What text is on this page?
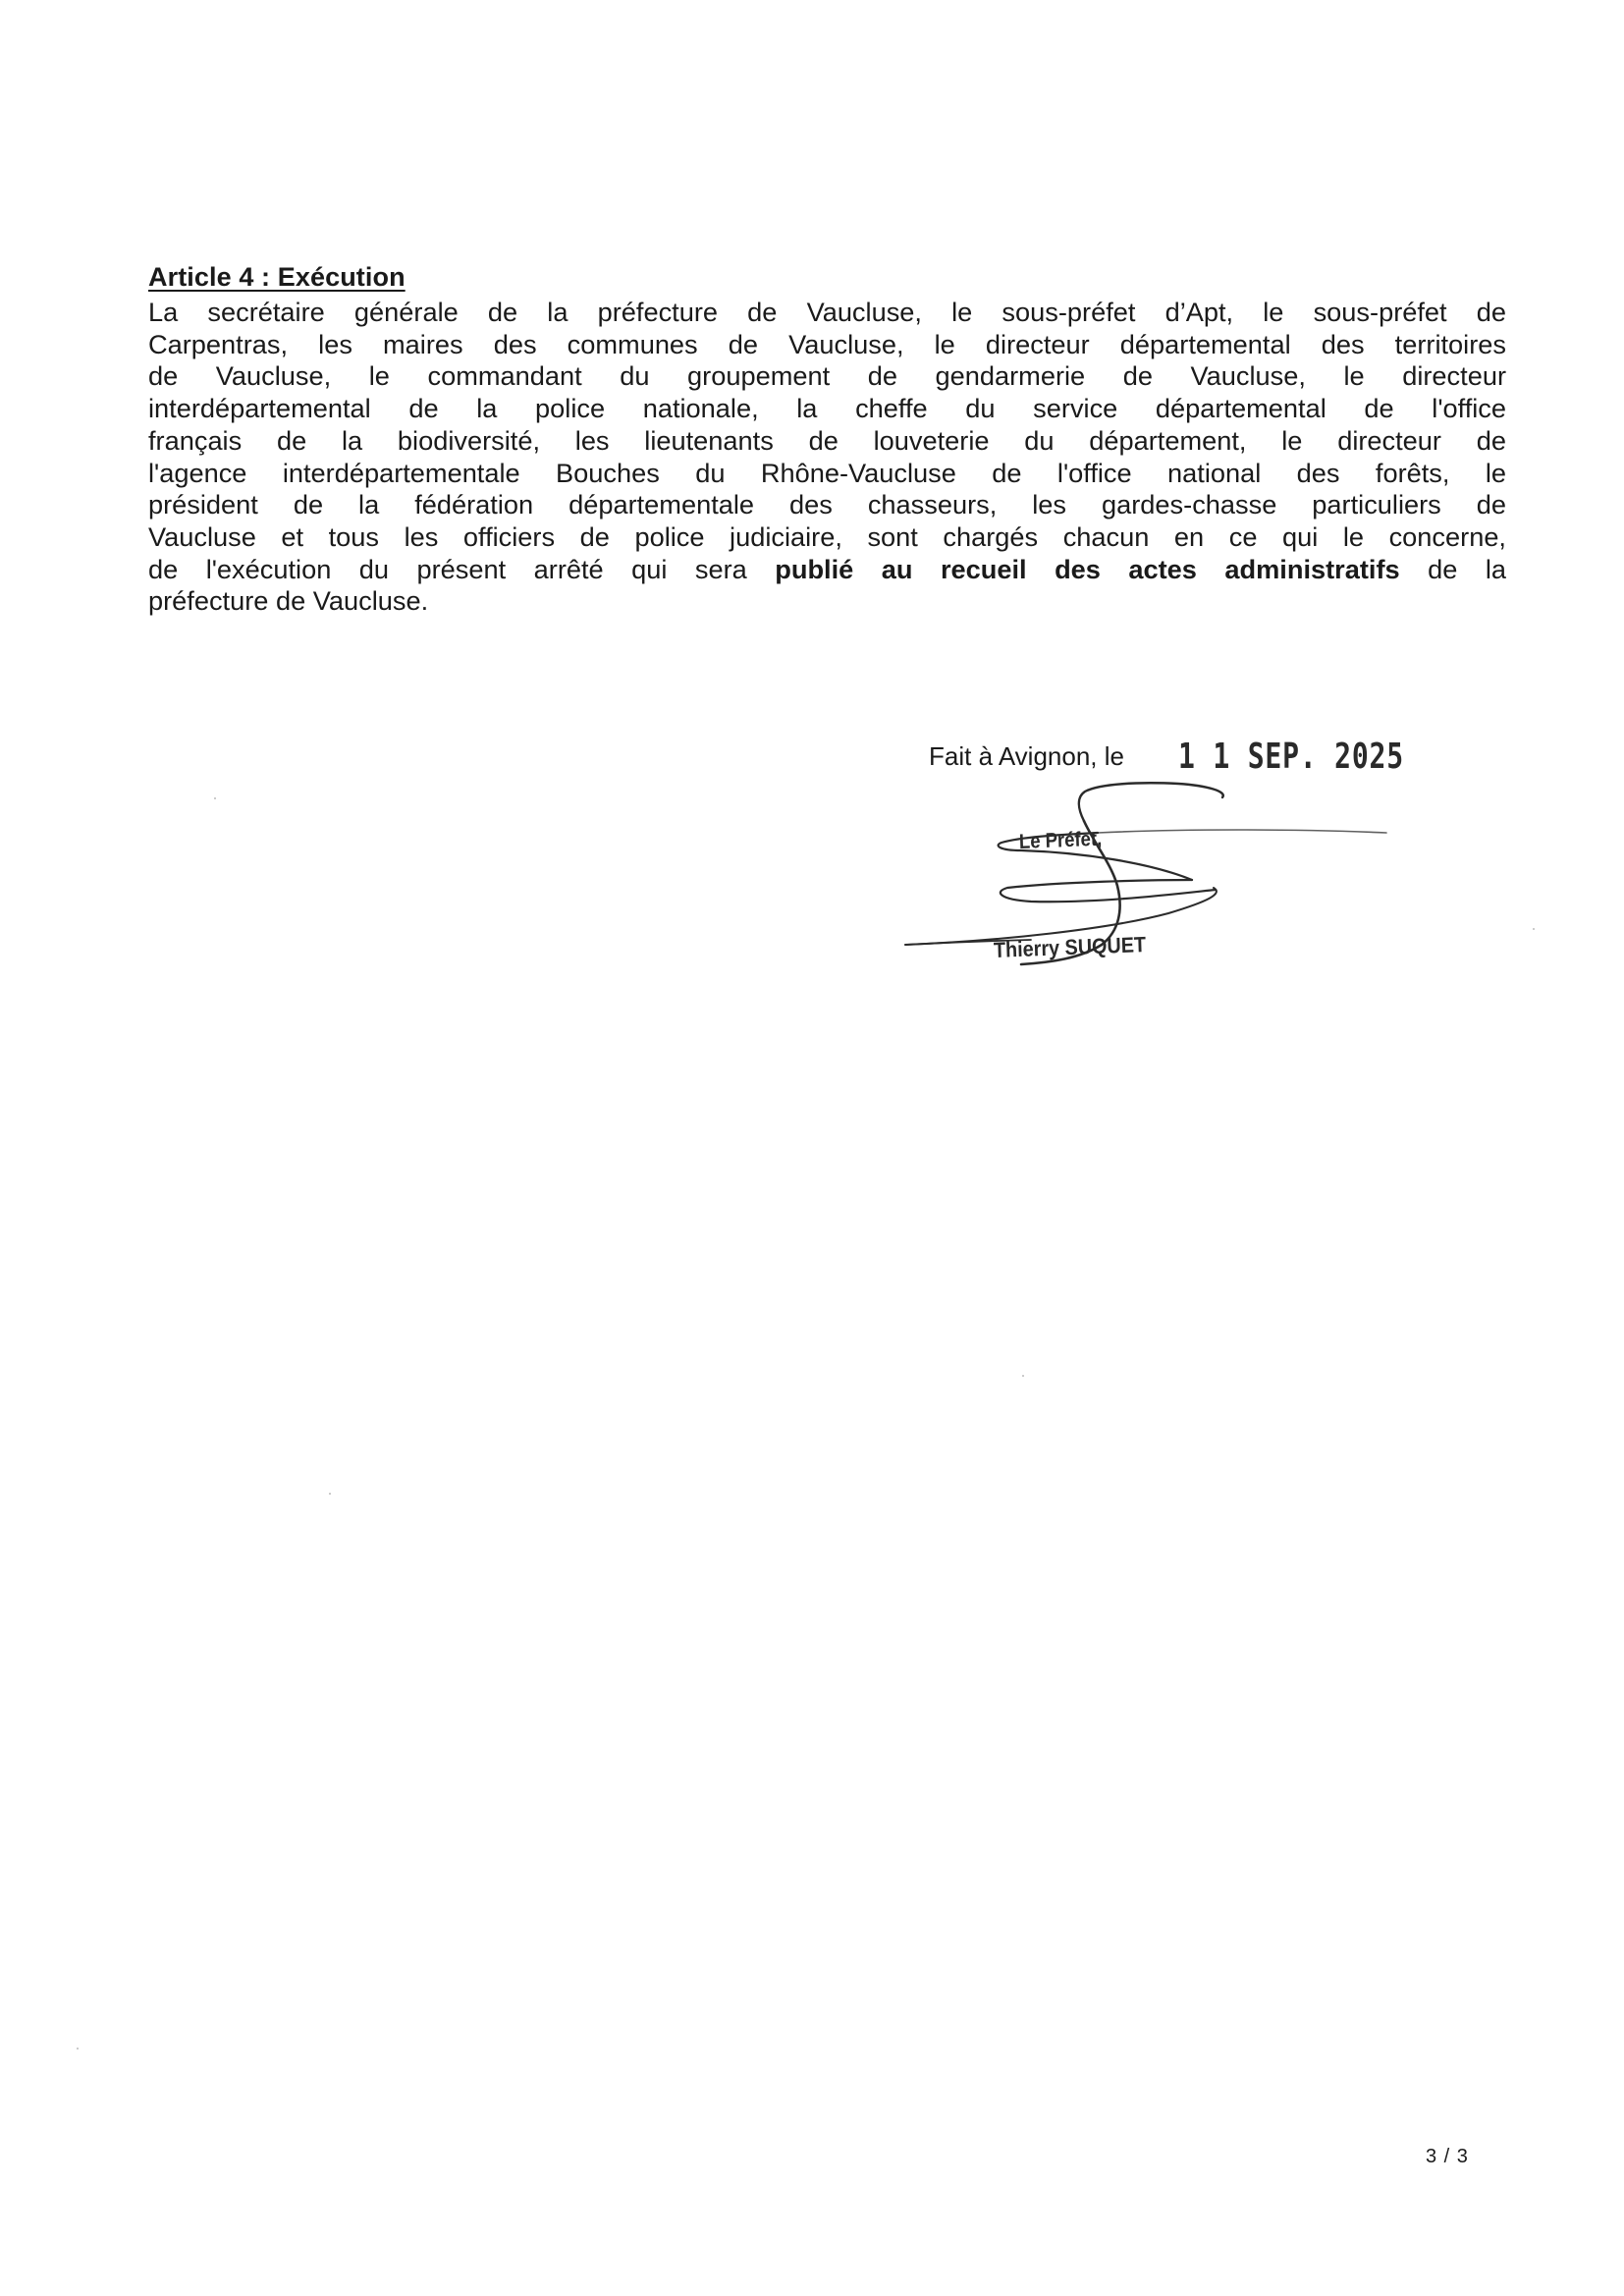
Article 4 : Exécution

La secrétaire générale de la préfecture de Vaucluse, le sous-préfet d’Apt, le sous-préfet de
Carpentras, les maires des communes de Vaucluse, le directeur départemental des territoires
de Vaucluse, le commandant du groupement de gendarmerie de Vaucluse, le directeur
interdépartemental de la police nationale, la cheffe du service départemental de l'office
français de la biodiversité, les lieutenants de louveterie du département, le directeur de
l'agence interdépartementale Bouches du Rhône-Vaucluse de l'office national des forêts, le
président de la fédération départementale des chasseurs, les gardes-chasse particuliers de
Vaucluse et tous les officiers de police judiciaire, sont chargés chacun en ce qui le concerne,
de l'exécution du présent arrêté qui sera publié au recueil des actes administratifs de la
préfecture de Vaucluse.

Fait à Avignon, le 1 1 SEP. 2025
Le Préfet,
Thierry SUQUET
3 / 3
